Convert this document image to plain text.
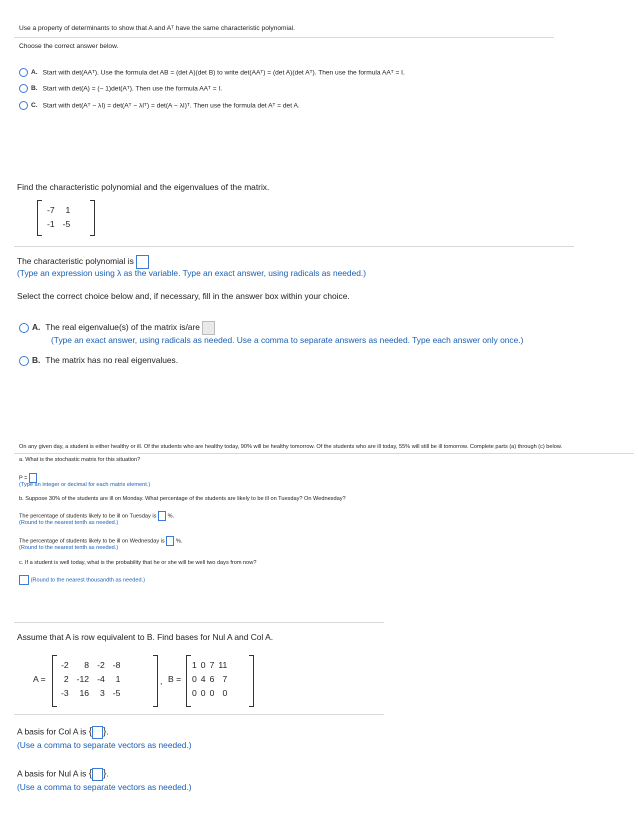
Use a property of determinants to show that A and Aᵀ have the same characteristic polynomial.
Choose the correct answer below.
A. Start with det(AAᵀ). Use the formula det AB = (det A)(det B) to write det(AAᵀ) = (det A)(det Aᵀ). Then use the formula AAᵀ = I.
B. Start with det(A) = (− 1)det(Aᵀ). Then use the formula AAᵀ = I.
C. Start with det(Aᵀ − λI) = det(Aᵀ − λIᵀ) = det(A − λI)ᵀ. Then use the formula det Aᵀ = det A.
Find the characteristic polynomial and the eigenvalues of the matrix.
-7	1
-1	-5
The characteristic polynomial is
(Type an expression using λ as the variable. Type an exact answer, using radicals as needed.)
Select the correct choice below and, if necessary, fill in the answer box within your choice.
A. The real eigenvalue(s) of the matrix is/are
(Type an exact answer, using radicals as needed. Use a comma to separate answers as needed. Type each answer only once.)
B. The matrix has no real eigenvalues.
On any given day, a student is either healthy or ill. Of the students who are healthy today, 90% will be healthy tomorrow. Of the students who are ill today, 55% will still be ill tomorrow. Complete parts (a) through (c) below.
a. What is the stochastic matrix for this situation?
P =
(Type an integer or decimal for each matrix element.)
b. Suppose 30% of the students are ill on Monday. What percentage of the students are likely to be ill on Tuesday? On Wednesday?
The percentage of students likely to be ill on Tuesday is %.
(Round to the nearest tenth as needed.)
The percentage of students likely to be ill on Wednesday is %.
(Round to the nearest tenth as needed.)
c. If a student is well today, what is the probability that he or she will be well two days from now?
(Round to the nearest thousandth as needed.)
Assume that A is row equivalent to B. Find bases for Nul A and Col A.
A =
-2	8	-2	-8
2	-12	-4	1
-3	16	3	-5
, B =
1	0	7	11
0	4	6	7
0	0	0	0
A basis for Col A is { }.
(Use a comma to separate vectors as needed.)
A basis for Nul A is { }.
(Use a comma to separate vectors as needed.)
